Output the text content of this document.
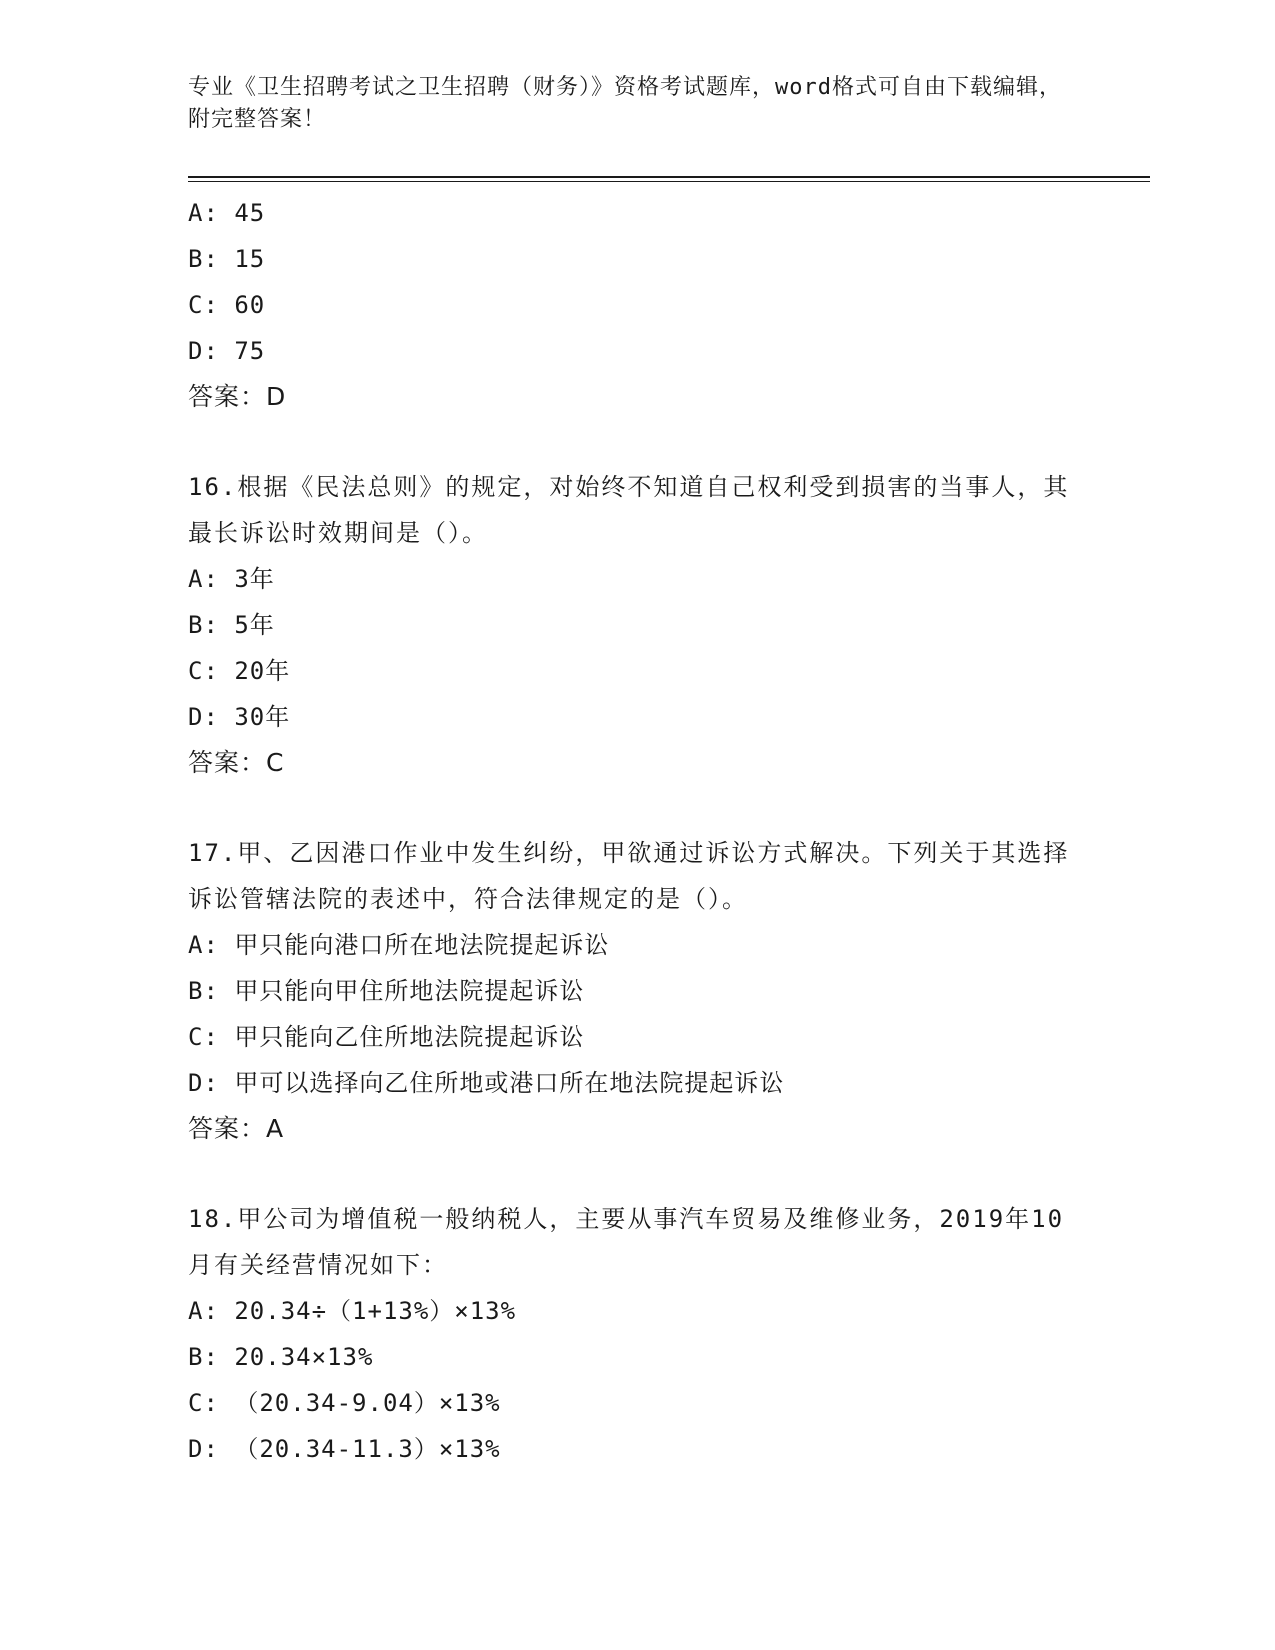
专业《卫生招聘考试之卫生招聘（财务）》资格考试题库，word格式可自由下载编辑，附完整答案！
A: 45
B: 15
C: 60
D: 75
答案：D
16.根据《民法总则》的规定，对始终不知道自己权利受到损害的当事人，其最长诉讼时效期间是（）。
A: 3年
B: 5年
C: 20年
D: 30年
答案：C
17.甲、乙因港口作业中发生纠纷，甲欲通过诉讼方式解决。下列关于其选择诉讼管辖法院的表述中，符合法律规定的是（）。
A: 甲只能向港口所在地法院提起诉讼
B: 甲只能向甲住所地法院提起诉讼
C: 甲只能向乙住所地法院提起诉讼
D: 甲可以选择向乙住所地或港口所在地法院提起诉讼
答案：A
18.甲公司为增值税一般纳税人，主要从事汽车贸易及维修业务，2019年10月有关经营情况如下：
A: 20.34÷（1+13%）×13%
B: 20.34×13%
C: （20.34-9.04）×13%
D: （20.34-11.3）×13%
